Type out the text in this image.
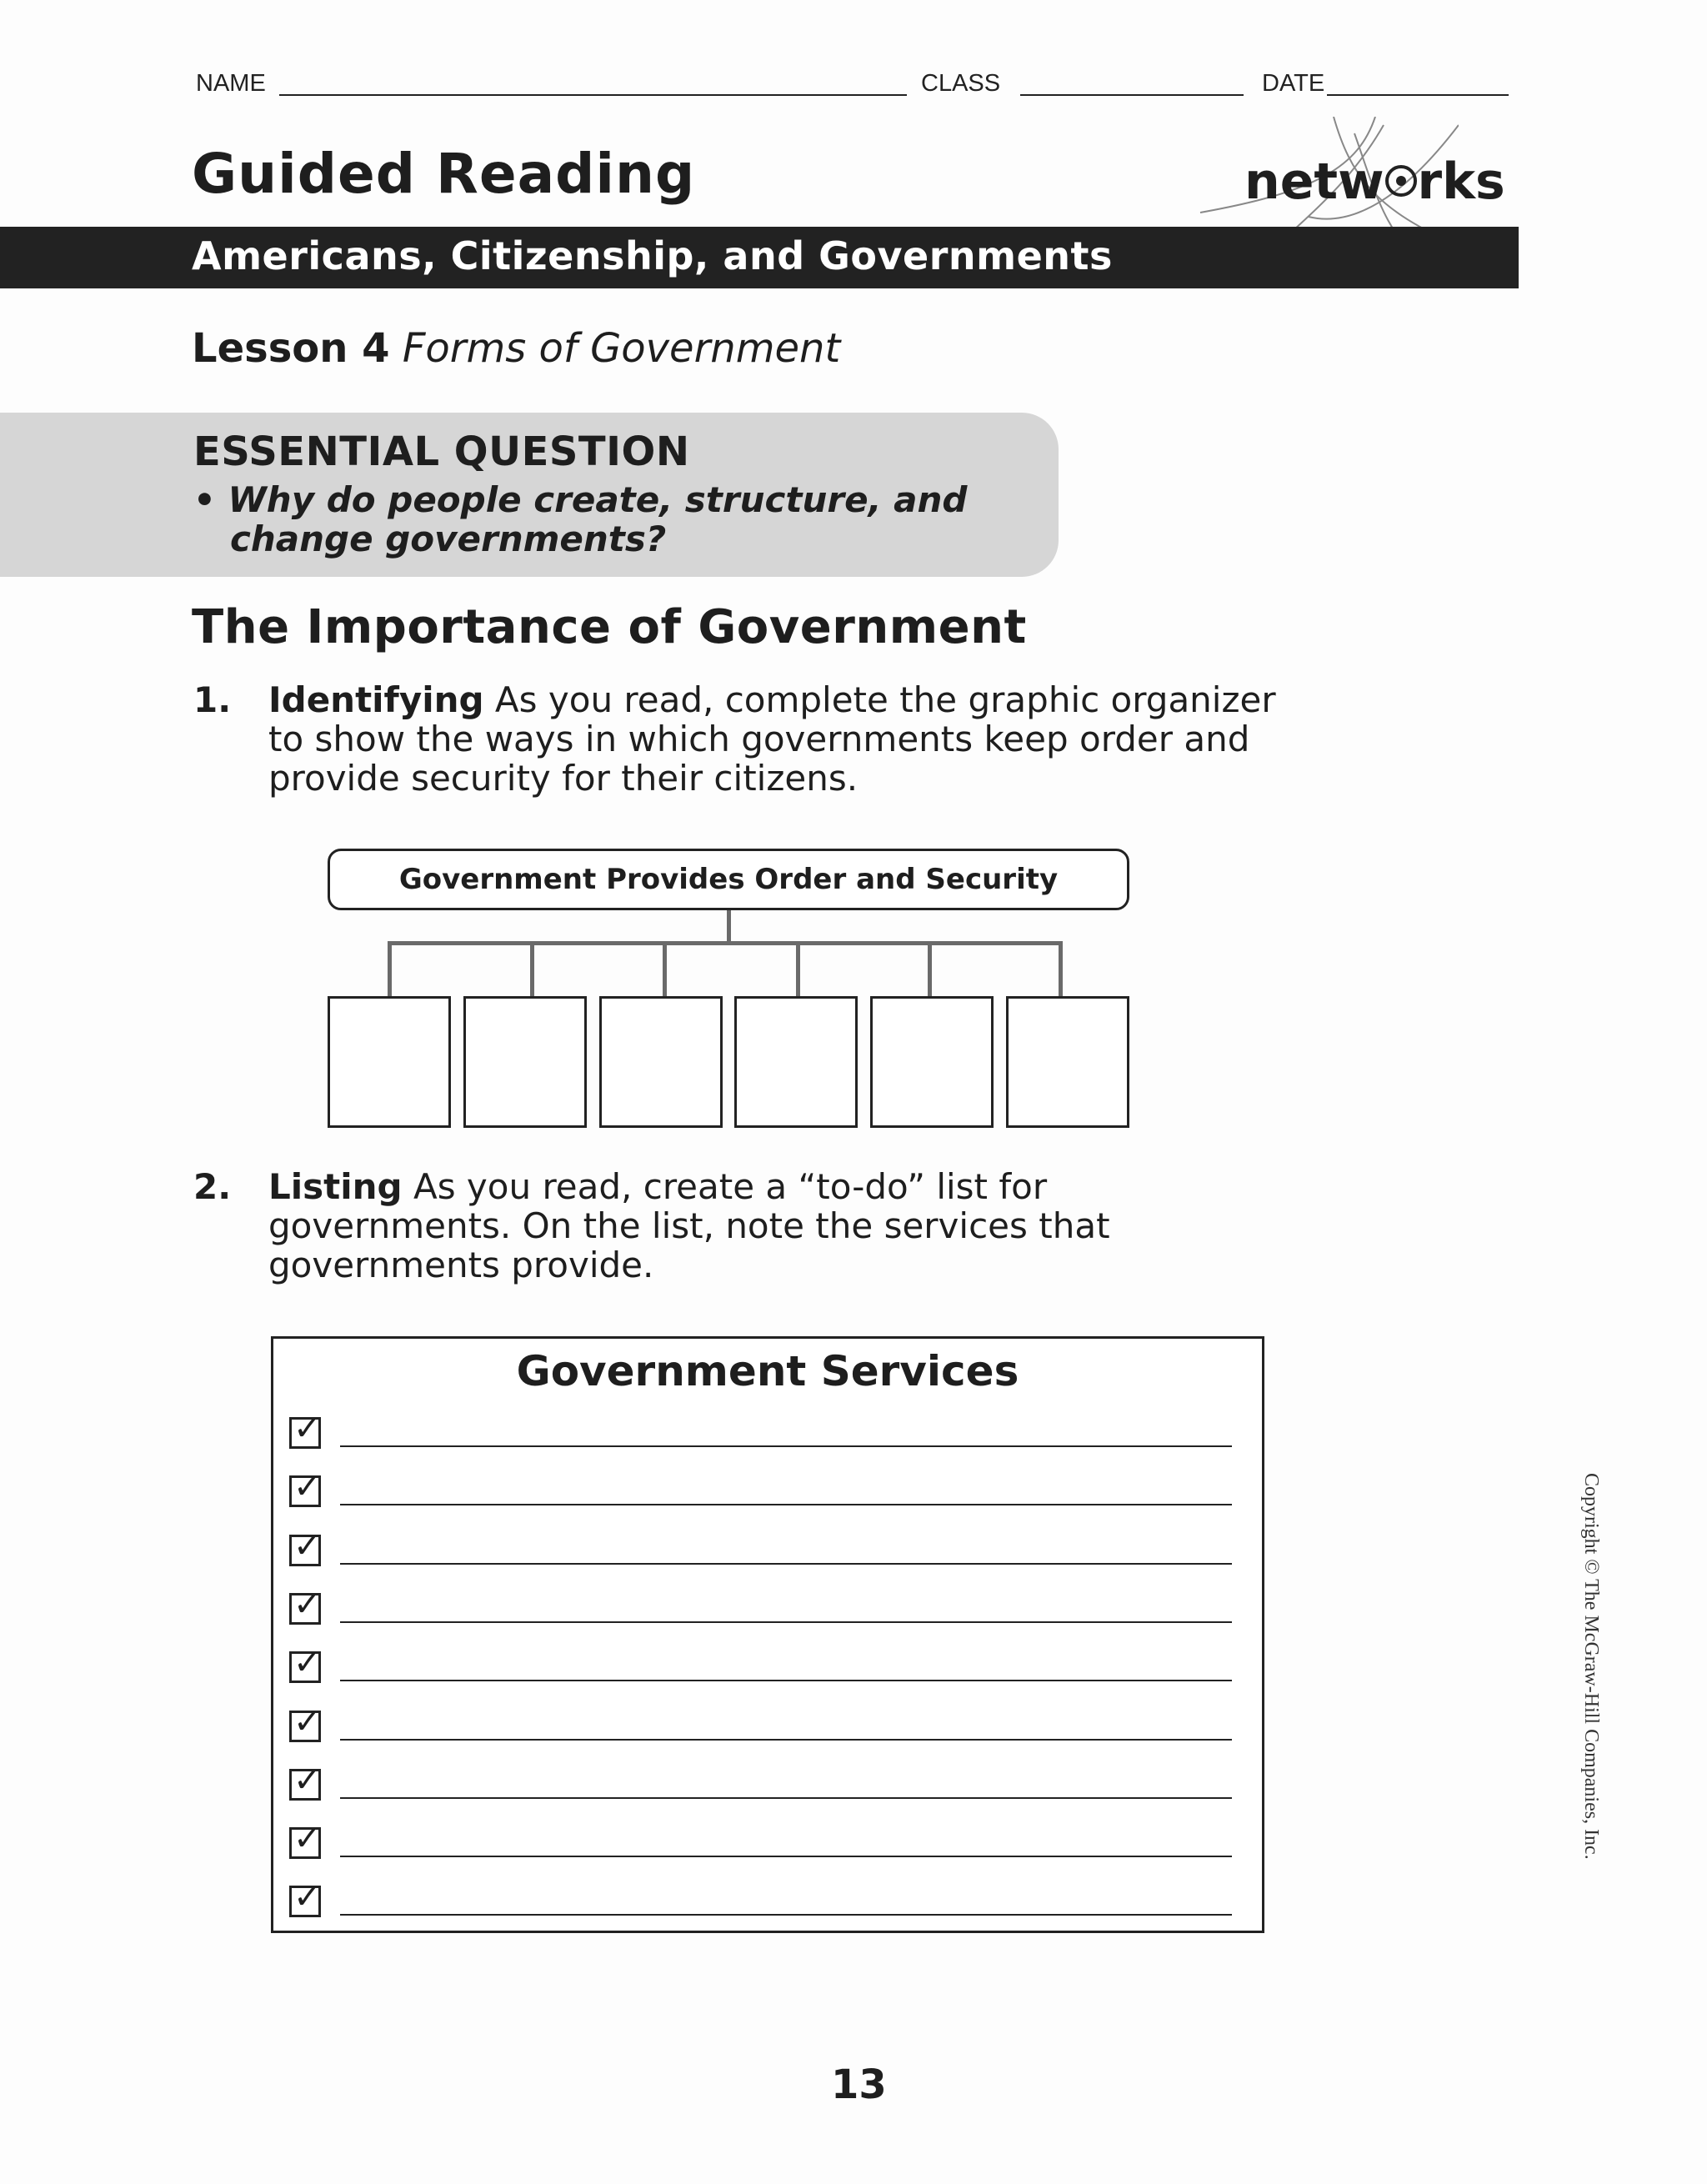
NAME	CLASS	DATE
Guided Reading	netw rks
Americans, Citizenship, and Governments
Lesson 4 Forms of Government
ESSENTIAL QUESTION
• Why do people create, structure, and
change governments?
The Importance of Government
1. Identifying As you read, complete the graphic organizer
to show the ways in which governments keep order and
provide security for their citizens.
Government Provides Order and Security
2. Listing As you read, create a “to-do” list for
governments. On the list, note the services that
governments provide.
Government Services
✓
✓
✓
✓
✓
✓
✓
✓
✓
Copyright © The McGraw-Hill Companies, Inc.
13
